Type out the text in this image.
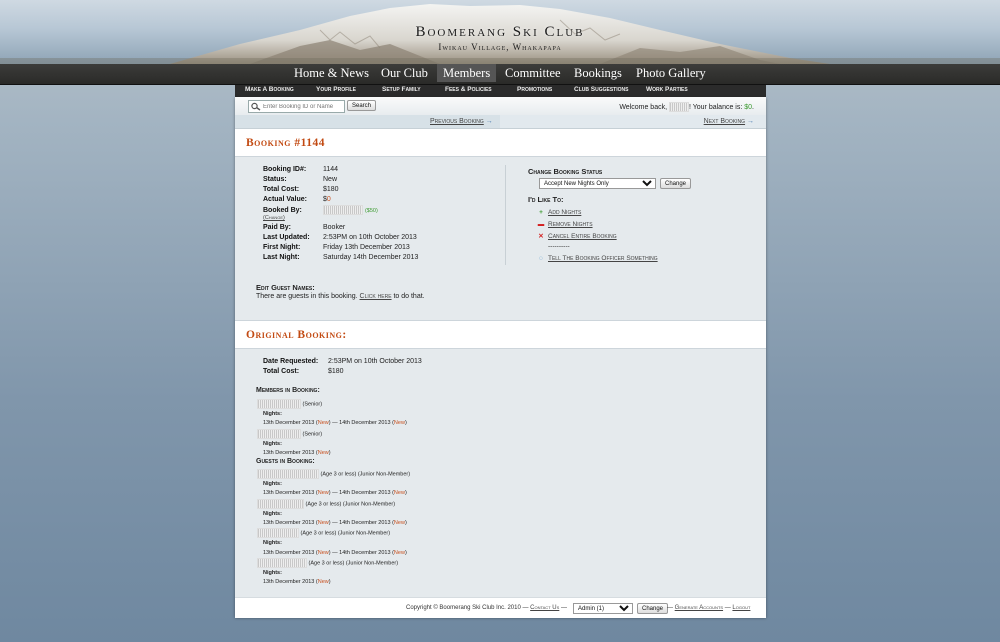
Boomerang Ski Club
Iwikau Village, Whakapapa
Home & News Our Club	Members	Committee Bookings Photo Gallery
Make A Booking	Your Profile	Setup Family	Fees & Policies	Promotions	Club Suggestions	Work Parties
Enter Booking ID or Name
Search	Welcome back,	! Your balance is: $0.
Previous Booking →	Next Booking →
Booking #1144
Booking ID#: 1144
Status:	New
Total Cost:	$180
Actual Value: $0
Booked By:	($50)
(Change)
Paid By:	Booker
Last Updated: 2:53PM on 10th October 2013
First Night:	Friday 13th December 2013
Last Night:	Saturday 14th December 2013
Change Booking Status
Accept New Nights Only
Change
I'd Like To:
+ Add Nights
▬ Remove Nights
✕ Cancel Entire Booking
----------
◌ Tell The Booking Officer Something
Edit Guest Names:
There are guests in this booking. Click here to do that.
Original Booking:
Date Requested: 2:53PM on 10th October 2013
Total Cost:	$180
Members in Booking:
(Senior)
Nights:
13th December 2013 (New) — 14th December 2013 (New)
(Senior)
Nights:
13th December 2013 (New)
Guests in Booking:
(Age 3 or less) (Junior Non-Member)
Nights:
13th December 2013 (New) — 14th December 2013 (New)
(Age 3 or less) (Junior Non-Member)
Nights:
13th December 2013 (New) — 14th December 2013 (New)
(Age 3 or less) (Junior Non-Member)
Nights:
13th December 2013 (New) — 14th December 2013 (New)
(Age 3 or less) (Junior Non-Member)
Nights:
13th December 2013 (New)
Copyright © Boomerang Ski Club Inc. 2010 — Contact Us —
Admin (1)	Change — Generate Accounts — Logout
